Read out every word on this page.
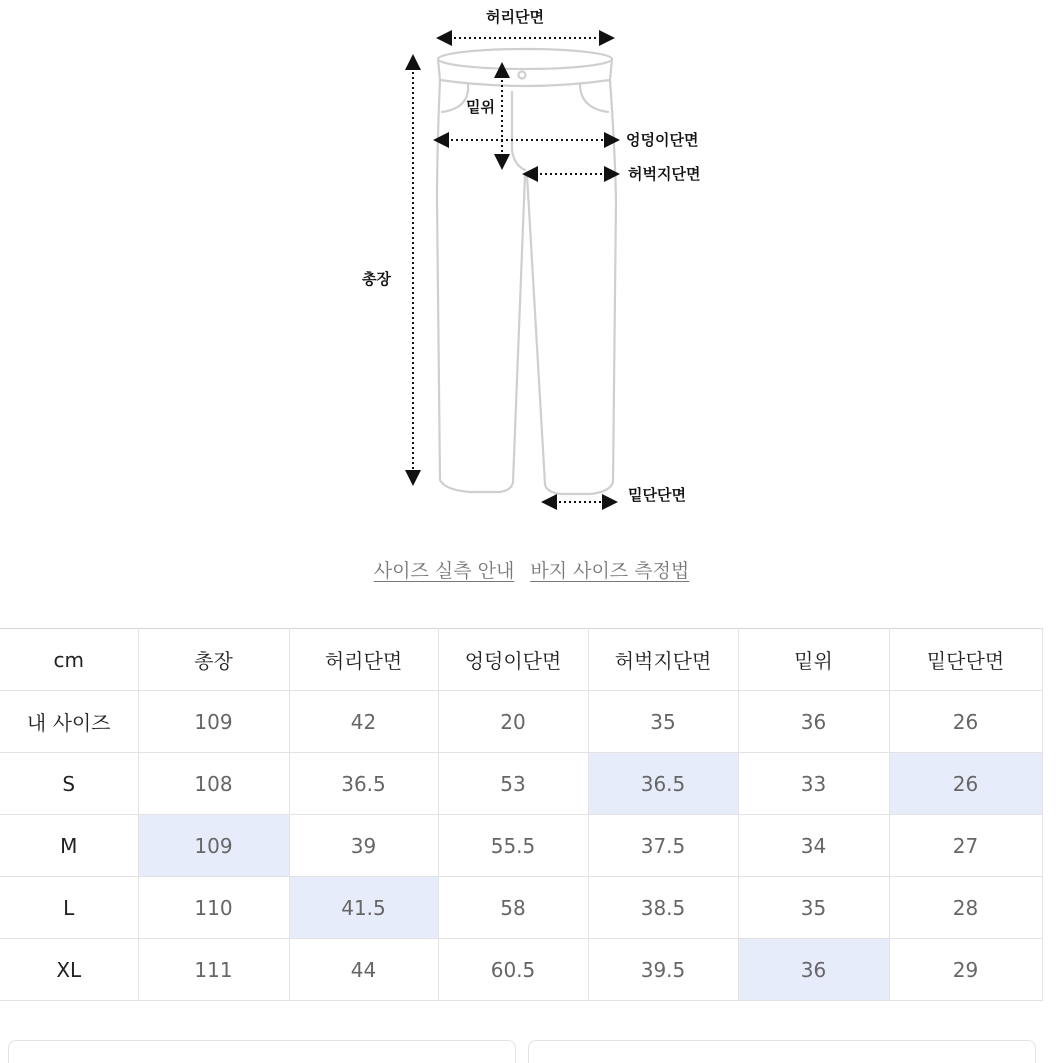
허리단면
밑위
엉덩이단면
허벅지단면
총장
밑단단면
사이즈 실측 안내 바지 사이즈 측정법
cm	총장	허리단면	엉덩이단면	허벅지단면	밑위	밑단단면
내 사이즈	109	42	20	35	36	26
S	108	36.5	53	36.5	33	26
M	109	39	55.5	37.5	34	27
L	110	41.5	58	38.5	35	28
XL	111	44	60.5	39.5	36	29
